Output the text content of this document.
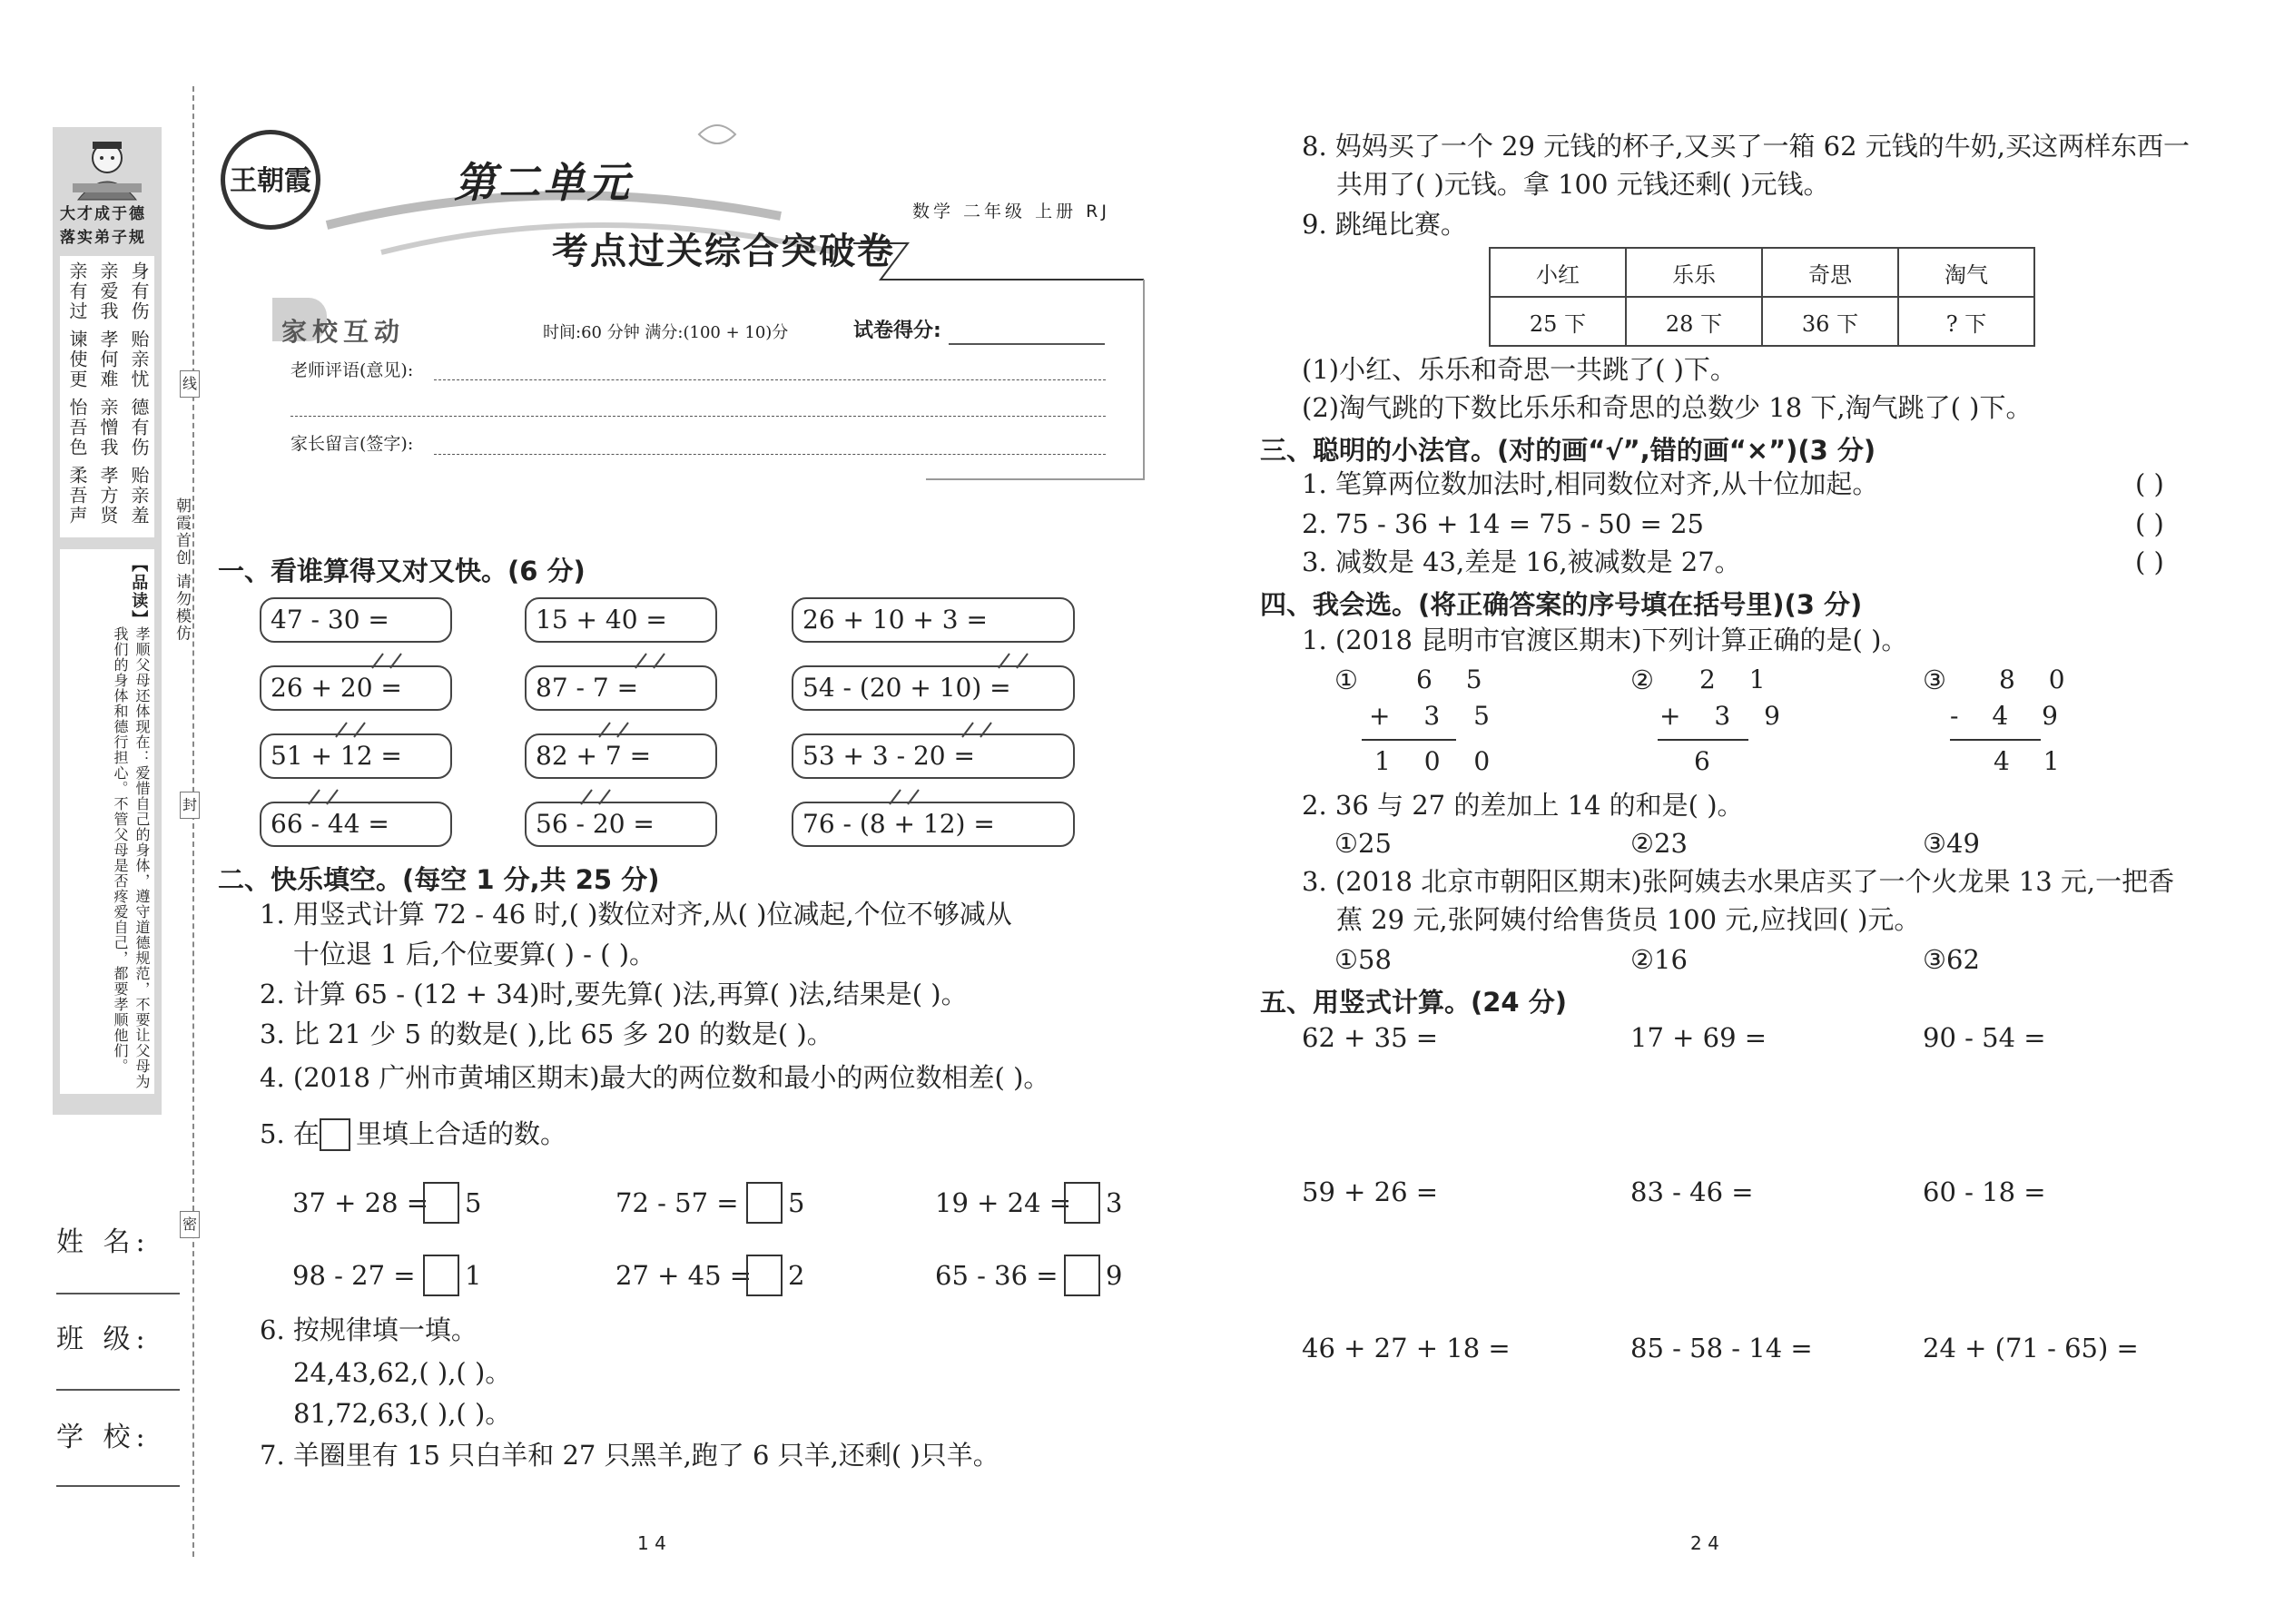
大才成于德
落实弟子规
身有伤
贻亲忧
德有伤
贻亲羞
亲爱我
孝何难
亲憎我
孝方贤
亲有过
谏使更
怡吾色
柔吾声
【品读】
孝顺父母还体现在：爱惜自己的身体，遵守道德规范，不要让父母为我们的身体和德行担心。不管父母是否疼爱自己，都要孝顺他们。
线
封
密
朝霞首创 请勿模仿
姓 名:
班 级:
学 校:
王朝霞	第二单元
考点过关综合突破卷
数学 二年级 上册 RJ
家校互动	时间:60 分钟 满分:(100 + 10)分	试卷得分:
老师评语(意见):
家长留言(签字):
一、看谁算得又对又快。(6 分)
47 - 30 =
26 + 20 =
51 + 12 =
66 - 44 =
15 + 40 =
87 - 7 =
82 + 7 =
56 - 20 =
26 + 10 + 3 =
54 - (20 + 10) =
53 + 3 - 20 =
76 - (8 + 12) =
二、快乐填空。(每空 1 分,共 25 分)
1. 用竖式计算 72 - 46 时,( )数位对齐,从( )位减起,个位不够减从
十位退 1 后,个位要算( ) - ( )。
2. 计算 65 - (12 + 34)时,要先算( )法,再算( )法,结果是( )。
3. 比 21 少 5 的数是( ),比 65 多 20 的数是( )。
4. (2018 广州市黄埔区期末)最大的两位数和最小的两位数相差( )。
5. 在 里填上合适的数。
37 + 28 = 5	72 - 57 = 5	19 + 24 = 3
98 - 27 = 1	27 + 45 = 2	65 - 36 = 9
6. 按规律填一填。
24,43,62,( ),( )。
81,72,63,( ),( )。
7. 羊圈里有 15 只白羊和 27 只黑羊,跑了 6 只羊,还剩( )只羊。
1 4
8. 妈妈买了一个 29 元钱的杯子,又买了一箱 62 元钱的牛奶,买这两样东西一
共用了( )元钱。拿 100 元钱还剩( )元钱。
9. 跳绳比赛。
小红	乐乐	奇思	淘气
25 下	28 下	36 下	? 下
(1)小红、乐乐和奇思一共跳了( )下。
(2)淘气跳的下数比乐乐和奇思的总数少 18 下,淘气跳了( )下。
三、聪明的小法官。(对的画“√”,错的画“×”)(3 分)
1. 笔算两位数加法时,相同数位对齐,从十位加起。	( )
2. 75 - 36 + 14 = 75 - 50 = 25	( )
3. 减数是 43,差是 16,被减数是 27。	( )
四、我会选。(将正确答案的序号填在括号里)(3 分)
1. (2018 昆明市官渡区期末)下列计算正确的是( )。
① 6 5
+ 3 5
1 0 0
② 2 1
+ 3 9
6
③ 8 0
- 4 9
4 1
2. 36 与 27 的差加上 14 的和是( )。
①25	②23	③49
3. (2018 北京市朝阳区期末)张阿姨去水果店买了一个火龙果 13 元,一把香
蕉 29 元,张阿姨付给售货员 100 元,应找回( )元。
①58	②16	③62
五、用竖式计算。(24 分)
62 + 35 =	17 + 69 =	90 - 54 =
59 + 26 =	83 - 46 =	60 - 18 =
46 + 27 + 18 =	85 - 58 - 14 =	24 + (71 - 65) =
2 4
